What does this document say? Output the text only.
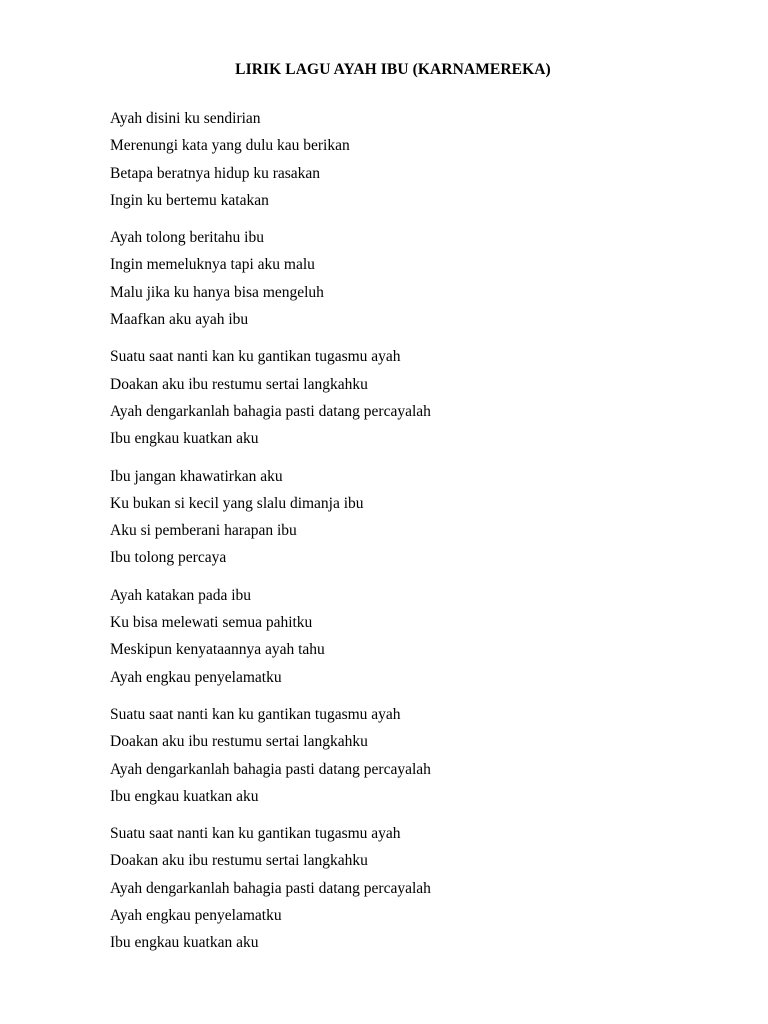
LIRIK LAGU AYAH IBU (KARNAMEREKA)
Ayah disini ku sendirian
Merenungi kata yang dulu kau berikan
Betapa beratnya hidup ku rasakan
Ingin ku bertemu katakan
Ayah tolong beritahu ibu
Ingin memeluknya tapi aku malu
Malu jika ku hanya bisa mengeluh
Maafkan aku ayah ibu
Suatu saat nanti kan ku gantikan tugasmu ayah
Doakan aku ibu restumu sertai langkahku
Ayah dengarkanlah bahagia pasti datang percayalah
Ibu engkau kuatkan aku
Ibu jangan khawatirkan aku
Ku bukan si kecil yang slalu dimanja ibu
Aku si pemberani harapan ibu
Ibu tolong percaya
Ayah katakan pada ibu
Ku bisa melewati semua pahitku
Meskipun kenyataannya ayah tahu
Ayah engkau penyelamatku
Suatu saat nanti kan ku gantikan tugasmu ayah
Doakan aku ibu restumu sertai langkahku
Ayah dengarkanlah bahagia pasti datang percayalah
Ibu engkau kuatkan aku
Suatu saat nanti kan ku gantikan tugasmu ayah
Doakan aku ibu restumu sertai langkahku
Ayah dengarkanlah bahagia pasti datang percayalah
Ayah engkau penyelamatku
Ibu engkau kuatkan aku
